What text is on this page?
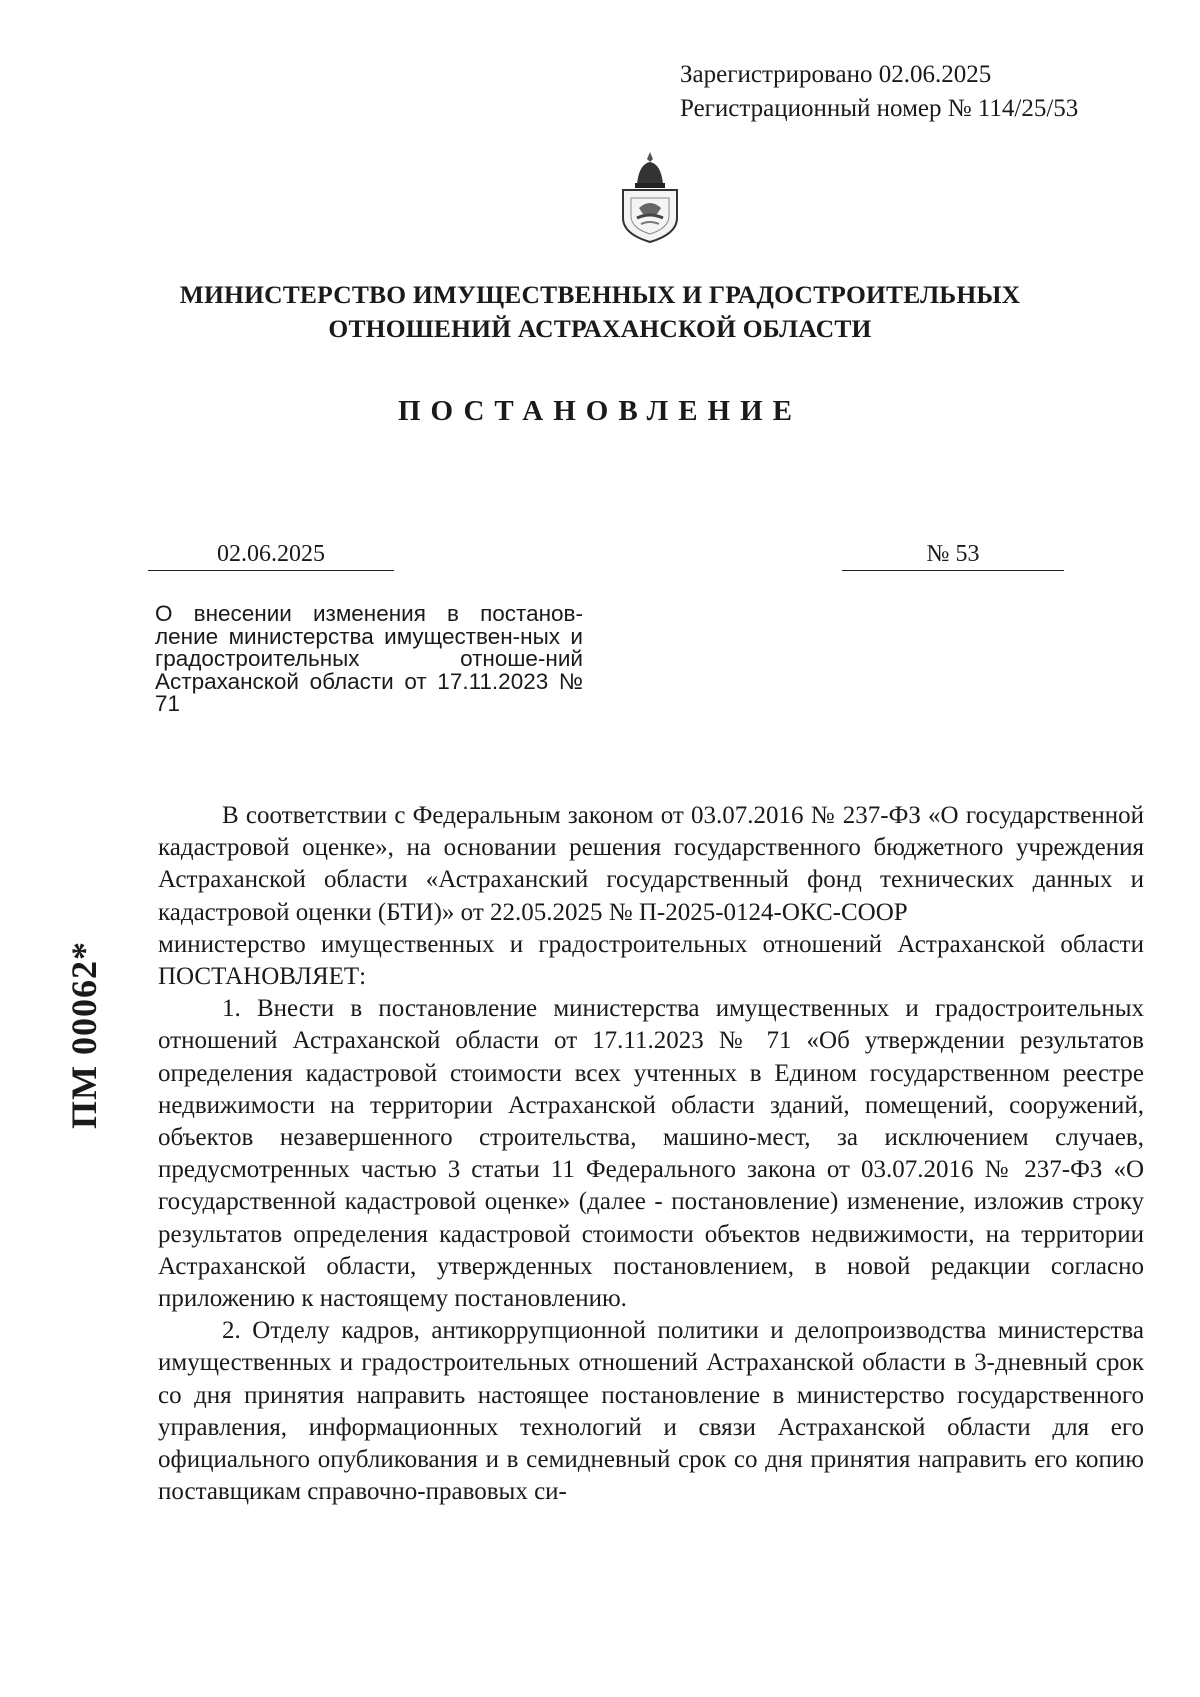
Зарегистрировано 02.06.2025
Регистрационный номер № 114/25/53
МИНИСТЕРСТВО ИМУЩЕСТВЕННЫХ И ГРАДОСТРОИТЕЛЬНЫХ
ОТНОШЕНИЙ АСТРАХАНСКОЙ ОБЛАСТИ
ПОСТАНОВЛЕНИЕ
02.06.2025	№ 53
О внесении изменения в постанов-ление министерства имуществен-ных и градостроительных отноше-ний Астраханской области от 17.11.2023 № 71

В соответствии с Федеральным законом от 03.07.2016 № 237-ФЗ «О государственной кадастровой оценке», на основании решения государственного бюджетного учреждения Астраханской области «Астраханский государственный фонд технических данных и кадастровой оценки (БТИ)» от 22.05.2025 № П-2025-0124-ОКС-СООР

министерство имущественных и градостроительных отношений Астраханской области ПОСТАНОВЛЯЕТ:

1. Внести в постановление министерства имущественных и градостроительных отношений Астраханской области от 17.11.2023 № 71 «Об утверждении результатов определения кадастровой стоимости всех учтенных в Едином государственном реестре недвижимости на территории Астраханской области зданий, помещений, сооружений, объектов незавершенного строительства, машино-мест, за исключением случаев, предусмотренных частью 3 статьи 11 Федерального закона от 03.07.2016 № 237-ФЗ «О государственной кадастровой оценке» (далее - постановление) изменение, изложив строку результатов определения кадастровой стоимости объектов недвижимости, на территории Астраханской области, утвержденных постановлением, в новой редакции согласно приложению к настоящему постановлению.

2. Отделу кадров, антикоррупционной политики и делопроизводства министерства имущественных и градостроительных отношений Астраханской области в 3-дневный срок со дня принятия направить настоящее постановление в министерство государственного управления, информационных технологий и связи Астраханской области для его официального опубликования и в семидневный срок со дня принятия направить его копию поставщикам справочно-правовых си-

ПМ 00062*
